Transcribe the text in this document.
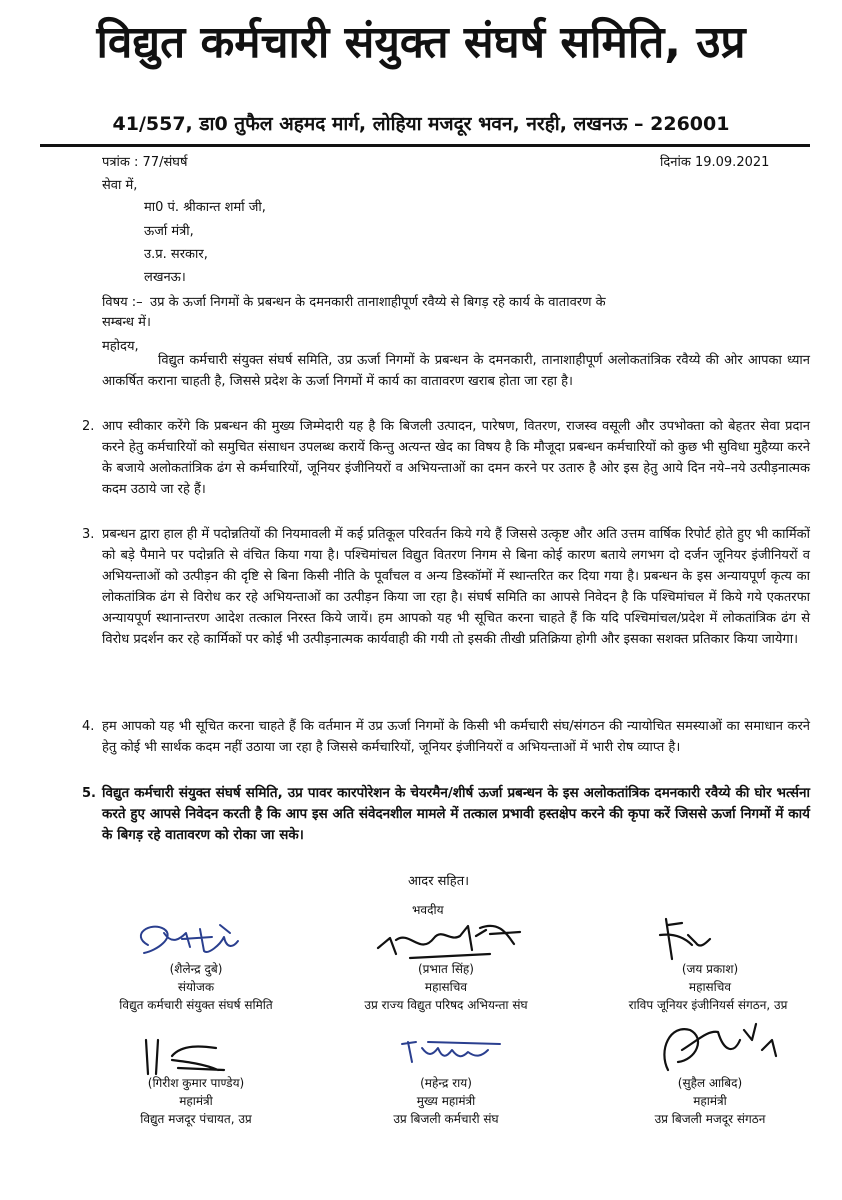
विद्युत कर्मचारी संयुक्त संघर्ष समिति, उप्र
41/557, डा0 तुफैल अहमद मार्ग, लोहिया मजदूर भवन, नरही, लखनऊ – 226001
पत्रांक : 77/संघर्ष	दिनांक 19.09.2021
सेवा में,
मा0 पं. श्रीकान्त शर्मा जी,
ऊर्जा मंत्री,
उ.प्र. सरकार,
लखनऊ।
विषय :– उप्र के ऊर्जा निगमों के प्रबन्धन के दमनकारी तानाशाहीपूर्ण रवैय्ये से बिगड़ रहे कार्य के वातावरण के
सम्बन्ध में।
महोदय,
विद्युत कर्मचारी संयुक्त संघर्ष समिति, उप्र ऊर्जा निगमों के प्रबन्धन के दमनकारी, तानाशाहीपूर्ण अलोकतांत्रिक रवैय्ये की ओर आपका ध्यान आकर्षित कराना चाहती है, जिससे प्रदेश के ऊर्जा निगमों में कार्य का वातावरण खराब होता जा रहा है।
2. आप स्वीकार करेंगे कि प्रबन्धन की मुख्य जिम्मेदारी यह है कि बिजली उत्पादन, पारेषण, वितरण, राजस्व वसूली और उपभोक्ता को बेहतर सेवा प्रदान करने हेतु कर्मचारियों को समुचित संसाधन उपलब्ध करायें किन्तु अत्यन्त खेद का विषय है कि मौजूदा प्रबन्धन कर्मचारियों को कुछ भी सुविधा मुहैय्या करने के बजाये अलोकतांत्रिक ढंग से कर्मचारियों, जूनियर इंजीनियरों व अभियन्ताओं का दमन करने पर उतारु है ओर इस हेतु आये दिन नये–नये उत्पीड़नात्मक कदम उठाये जा रहे हैं।
3. प्रबन्धन द्वारा हाल ही में पदोन्नतियों की नियमावली में कई प्रतिकूल परिवर्तन किये गये हैं जिससे उत्कृष्ट और अति उत्तम वार्षिक रिपोर्ट होते हुए भी कार्मिकों को बड़े पैमाने पर पदोन्नति से वंचित किया गया है। पश्चिमांचल विद्युत वितरण निगम से बिना कोई कारण बताये लगभग दो दर्जन जूनियर इंजीनियरों व अभियन्ताओं को उत्पीड़न की दृष्टि से बिना किसी नीति के पूर्वांचल व अन्य डिस्कॉमों में स्थान्तरित कर दिया गया है। प्रबन्धन के इस अन्यायपूर्ण कृत्य का लोकतांत्रिक ढंग से विरोध कर रहे अभियन्ताओं का उत्पीड़न किया जा रहा है। संघर्ष समिति का आपसे निवेदन है कि पश्चिमांचल में किये गये एकतरफा अन्यायपूर्ण स्थानान्तरण आदेश तत्काल निरस्त किये जायें। हम आपको यह भी सूचित करना चाहते हैं कि यदि पश्चिमांचल/प्रदेश में लोकतांत्रिक ढंग से विरोध प्रदर्शन कर रहे कार्मिकों पर कोई भी उत्पीड़नात्मक कार्यवाही की गयी तो इसकी तीखी प्रतिक्रिया होगी और इसका सशक्त प्रतिकार किया जायेगा।
4. हम आपको यह भी सूचित करना चाहते हैं कि वर्तमान में उप्र ऊर्जा निगमों के किसी भी कर्मचारी संघ/संगठन की न्यायोचित समस्याओं का समाधान करने हेतु कोई भी सार्थक कदम नहीं उठाया जा रहा है जिससे कर्मचारियों, जूनियर इंजीनियरों व अभियन्ताओं में भारी रोष व्याप्त है।
5. विद्युत कर्मचारी संयुक्त संघर्ष समिति, उप्र पावर कारपोरेशन के चेयरमैन/शीर्ष ऊर्जा प्रबन्धन के इस अलोकतांत्रिक दमनकारी रवैय्ये की घोर भर्त्सना करते हुए आपसे निवेदन करती है कि आप इस अति संवेदनशील मामले में तत्काल प्रभावी हस्तक्षेप करने की कृपा करें जिससे ऊर्जा निगमों में कार्य के बिगड़ रहे वातावरण को रोका जा सके।
आदर सहित।
भवदीय
(शैलेन्द्र दुबे)
संयोजक
विद्युत कर्मचारी संयुक्त संघर्ष समिति
(प्रभात सिंह)
महासचिव
उप्र राज्य विद्युत परिषद अभियन्ता संघ
(जय प्रकाश)
महासचिव
राविप जूनियर इंजीनियर्स संगठन, उप्र
(गिरीश कुमार पाण्डेय)
महामंत्री
विद्युत मजदूर पंचायत, उप्र
(महेन्द्र राय)
मुख्य महामंत्री
उप्र बिजली कर्मचारी संघ
(सुहैल आबिद)
महामंत्री
उप्र बिजली मजदूर संगठन
